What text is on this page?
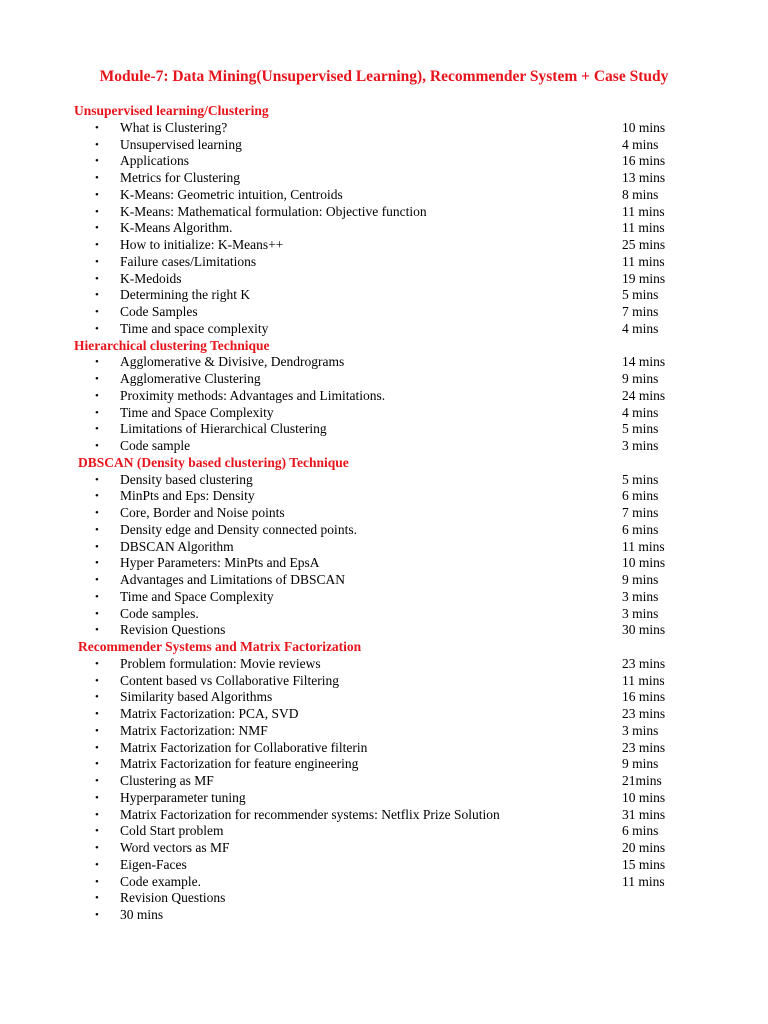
Module-7: Data Mining(Unsupervised Learning), Recommender System + Case Study
Unsupervised learning/Clustering
•	What is Clustering?	10 mins
•	Unsupervised learning	4 mins
•	Applications	16 mins
•	Metrics for Clustering	13 mins
•	K-Means: Geometric intuition, Centroids	8 mins
•	K-Means: Mathematical formulation: Objective function	11 mins
•	K-Means Algorithm.	11 mins
•	How to initialize: K-Means++	25 mins
•	Failure cases/Limitations	11 mins
•	K-Medoids	19 mins
•	Determining the right K	5 mins
•	Code Samples	7 mins
•	Time and space complexity	4 mins
Hierarchical clustering Technique
•	Agglomerative & Divisive, Dendrograms	14 mins
•	Agglomerative Clustering	9 mins
•	Proximity methods: Advantages and Limitations.	24 mins
•	Time and Space Complexity	4 mins
•	Limitations of Hierarchical Clustering	5 mins
•	Code sample	3 mins
DBSCAN (Density based clustering) Technique
•	Density based clustering	5 mins
•	MinPts and Eps: Density	6 mins
•	Core, Border and Noise points	7 mins
•	Density edge and Density connected points.	6 mins
•	DBSCAN Algorithm	11 mins
•	Hyper Parameters: MinPts and EpsA	10 mins
•	Advantages and Limitations of DBSCAN	9 mins
•	Time and Space Complexity	3 mins
•	Code samples.	3 mins
•	Revision Questions	30 mins
Recommender Systems and Matrix Factorization
•	Problem formulation: Movie reviews	23 mins
•	Content based vs Collaborative Filtering	11 mins
•	Similarity based Algorithms	16 mins
•	Matrix Factorization: PCA, SVD	23 mins
•	Matrix Factorization: NMF	3 mins
•	Matrix Factorization for Collaborative filterin	23 mins
•	Matrix Factorization for feature engineering	9 mins
•	Clustering as MF	21mins
•	Hyperparameter tuning	10 mins
•	Matrix Factorization for recommender systems: Netflix Prize Solution	31 mins
•	Cold Start problem	6 mins
•	Word vectors as MF	20 mins
•	Eigen-Faces	15 mins
•	Code example.	11 mins
•	Revision Questions
•	30 mins
